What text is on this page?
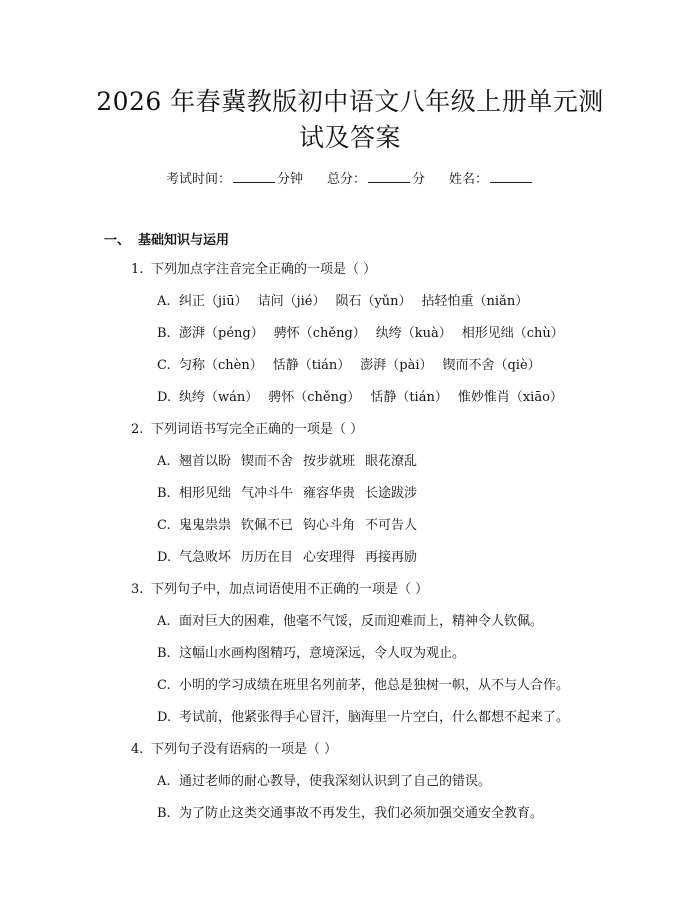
2026 年春冀教版初中语文八年级上册单元测
试及答案
考试时间：	分钟 总分：	分 姓名：
一、 基础知识与运用
1. 下列加点字注音完全正确的一项是（ ）
A. 纠正（jiū） 诘问（jié） 陨石（yǔn） 拈轻怕重（niǎn）
B. 澎湃（péng） 骋怀（chěng） 纨绔（kuà） 相形见绌（chù）
C. 匀称（chèn） 恬静（tián） 澎湃（pài） 锲而不舍（qiè）
D. 纨绔（wán） 骋怀（chěng） 恬静（tián） 惟妙惟肖（xiāo）
2. 下列词语书写完全正确的一项是（ ）
A. 翘首以盼 锲而不舍 按步就班 眼花潦乱
B. 相形见绌 气冲斗牛 雍容华贵 长途跋涉
C. 鬼鬼祟祟 钦佩不已 钩心斗角 不可告人
D. 气急败坏 历历在目 心安理得 再接再励
3. 下列句子中，加点词语使用不正确的一项是（ ）
A. 面对巨大的困难，他毫不气馁，反而迎难而上，精神令人钦佩。
B. 这幅山水画构图精巧，意境深远，令人叹为观止。
C. 小明的学习成绩在班里名列前茅，他总是独树一帜，从不与人合作。
D. 考试前，他紧张得手心冒汗，脑海里一片空白，什么都想不起来了。
4. 下列句子没有语病的一项是（ ）
A. 通过老师的耐心教导，使我深刻认识到了自己的错误。
B. 为了防止这类交通事故不再发生，我们必须加强交通安全教育。
